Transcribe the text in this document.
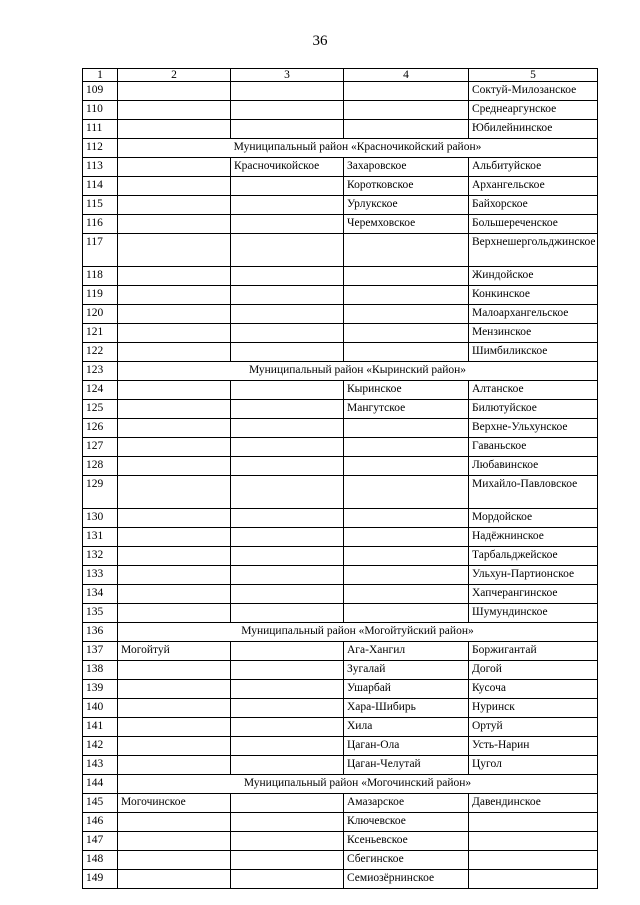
36
1	2	3	4	5
109				Соктуй-Милозанское
110				Среднеаргунское
111				Юбилейнинское
112	Муниципальный район «Красночикойский район»			
113		Красночикойское	Захаровское	Альбитуйское
114			Коротковское	Архангельское
115			Урлукское	Байхорское
116			Черемховское	Большереченское
117				Верхнешергольджинское
118				Жиндойское
119				Конкинское
120				Малоархангельское
121				Мензинское
122				Шимбиликское
123	Муниципальный район «Кыринский район»			
124			Кыринское	Алтанское
125			Мангутское	Билютуйское
126				Верхне-Ульхунское
127				Гаваньское
128				Любавинское
129				Михайло-Павловское
130				Мордойское
131				Надёжнинское
132				Тарбальджейское
133				Ульхун-Партионское
134				Хапчерангинское
135				Шумундинское
136	Муниципальный район «Могойтуйский район»			
137	Могойтуй		Ага-Хангил	Боржигантай
138			Зугалай	Догой
139			Ушарбай	Кусоча
140			Хара-Шибирь	Нуринск
141			Хила	Ортуй
142			Цаган-Ола	Усть-Нарин
143			Цаган-Челутай	Цугол
144	Муниципальный район «Могочинский район»			
145	Могочинское		Амазарское	Давендинское
146			Ключевское	
147			Ксеньевское	
148			Сбегинское	
149			Семиозёрнинское	
